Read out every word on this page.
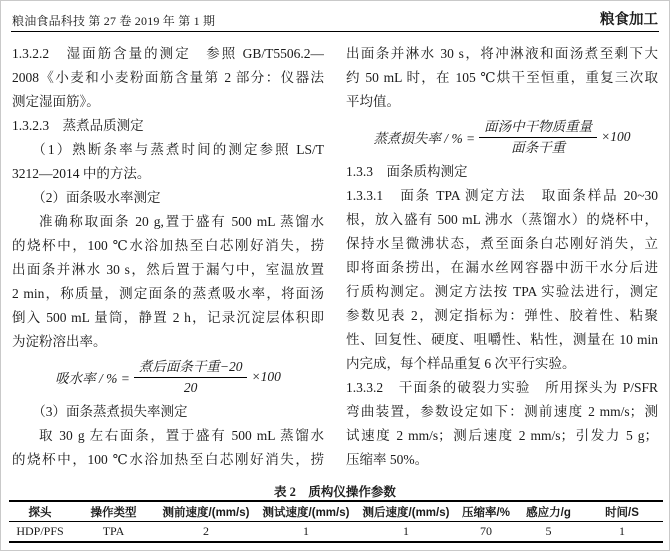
粮油食品科技 第 27 卷 2019 年 第 1 期	粮食加工
1.3.2.2　湿面筋含量的测定　参照 GB/T5506.2—
2008《小麦和小麦粉面筋含量第 2 部分：仪器法
测定湿面筋》。
1.3.2.3　蒸煮品质测定
（1）熟断条率与蒸煮时间的测定参照 LS/T
3212—2014 中的方法。
（2）面条吸水率测定
准确称取面条 20 g,置于盛有 500 mL 蒸馏水
的烧杯中，100 ℃水浴加热至白芯刚好消失，捞
出面条并淋水 30 s，然后置于漏勺中，室温放置
2 min，称质量，测定面条的蒸煮吸水率，将面汤
倒入 500 mL 量筒，静置 2 h，记录沉淀层体积即
为淀粉溶出率。
吸水率 / % = $\frac{\text{煮后面条干重−20}}{20} \times 100$
（3）面条蒸煮损失率测定
取 30 g 左右面条，置于盛有 500 mL 蒸馏水
的烧杯中，100 ℃水浴加热至白芯刚好消失，捞
出面条并淋水 30 s，将冲淋液和面汤煮至剩下大
约 50 mL 时，在 105 ℃烘干至恒重，重复三次取
平均值。
蒸煮损失率 / % = $\frac{\text{面汤中干物质重量}}{\text{面条干重}} \times 100$
1.3.3　面条质构测定
1.3.3.1　面条 TPA 测定方法　取面条样品 20~30
根，放入盛有 500 mL 沸水（蒸馏水）的烧杯中，
保持水呈微沸状态，煮至面条白芯刚好消失，立
即将面条捞出，在漏水丝网容器中沥干水分后进
行质构测定。测定方法按 TPA 实验法进行，测定
参数见表 2，测定指标为：弹性、胶着性、粘聚
性、回复性、硬度、咀嚼性、粘性，测量在 10 min
内完成，每个样品重复 6 次平行实验。
1.3.3.2　干面条的破裂力实验　所用探头为 P/SFR
弯曲装置，参数设定如下：测前速度 2 mm/s；测
试速度 2 mm/s；测后速度 2 mm/s；引发力 5 g；
压缩率 50%。
表 2　质构仪操作参数
探头	操作类型	测前速度/(mm/s)	测试速度/(mm/s)	测后速度/(mm/s)	压缩率/%	感应力/g	时间/S
HDP/PFS	TPA	2	1	1	70	5	1
